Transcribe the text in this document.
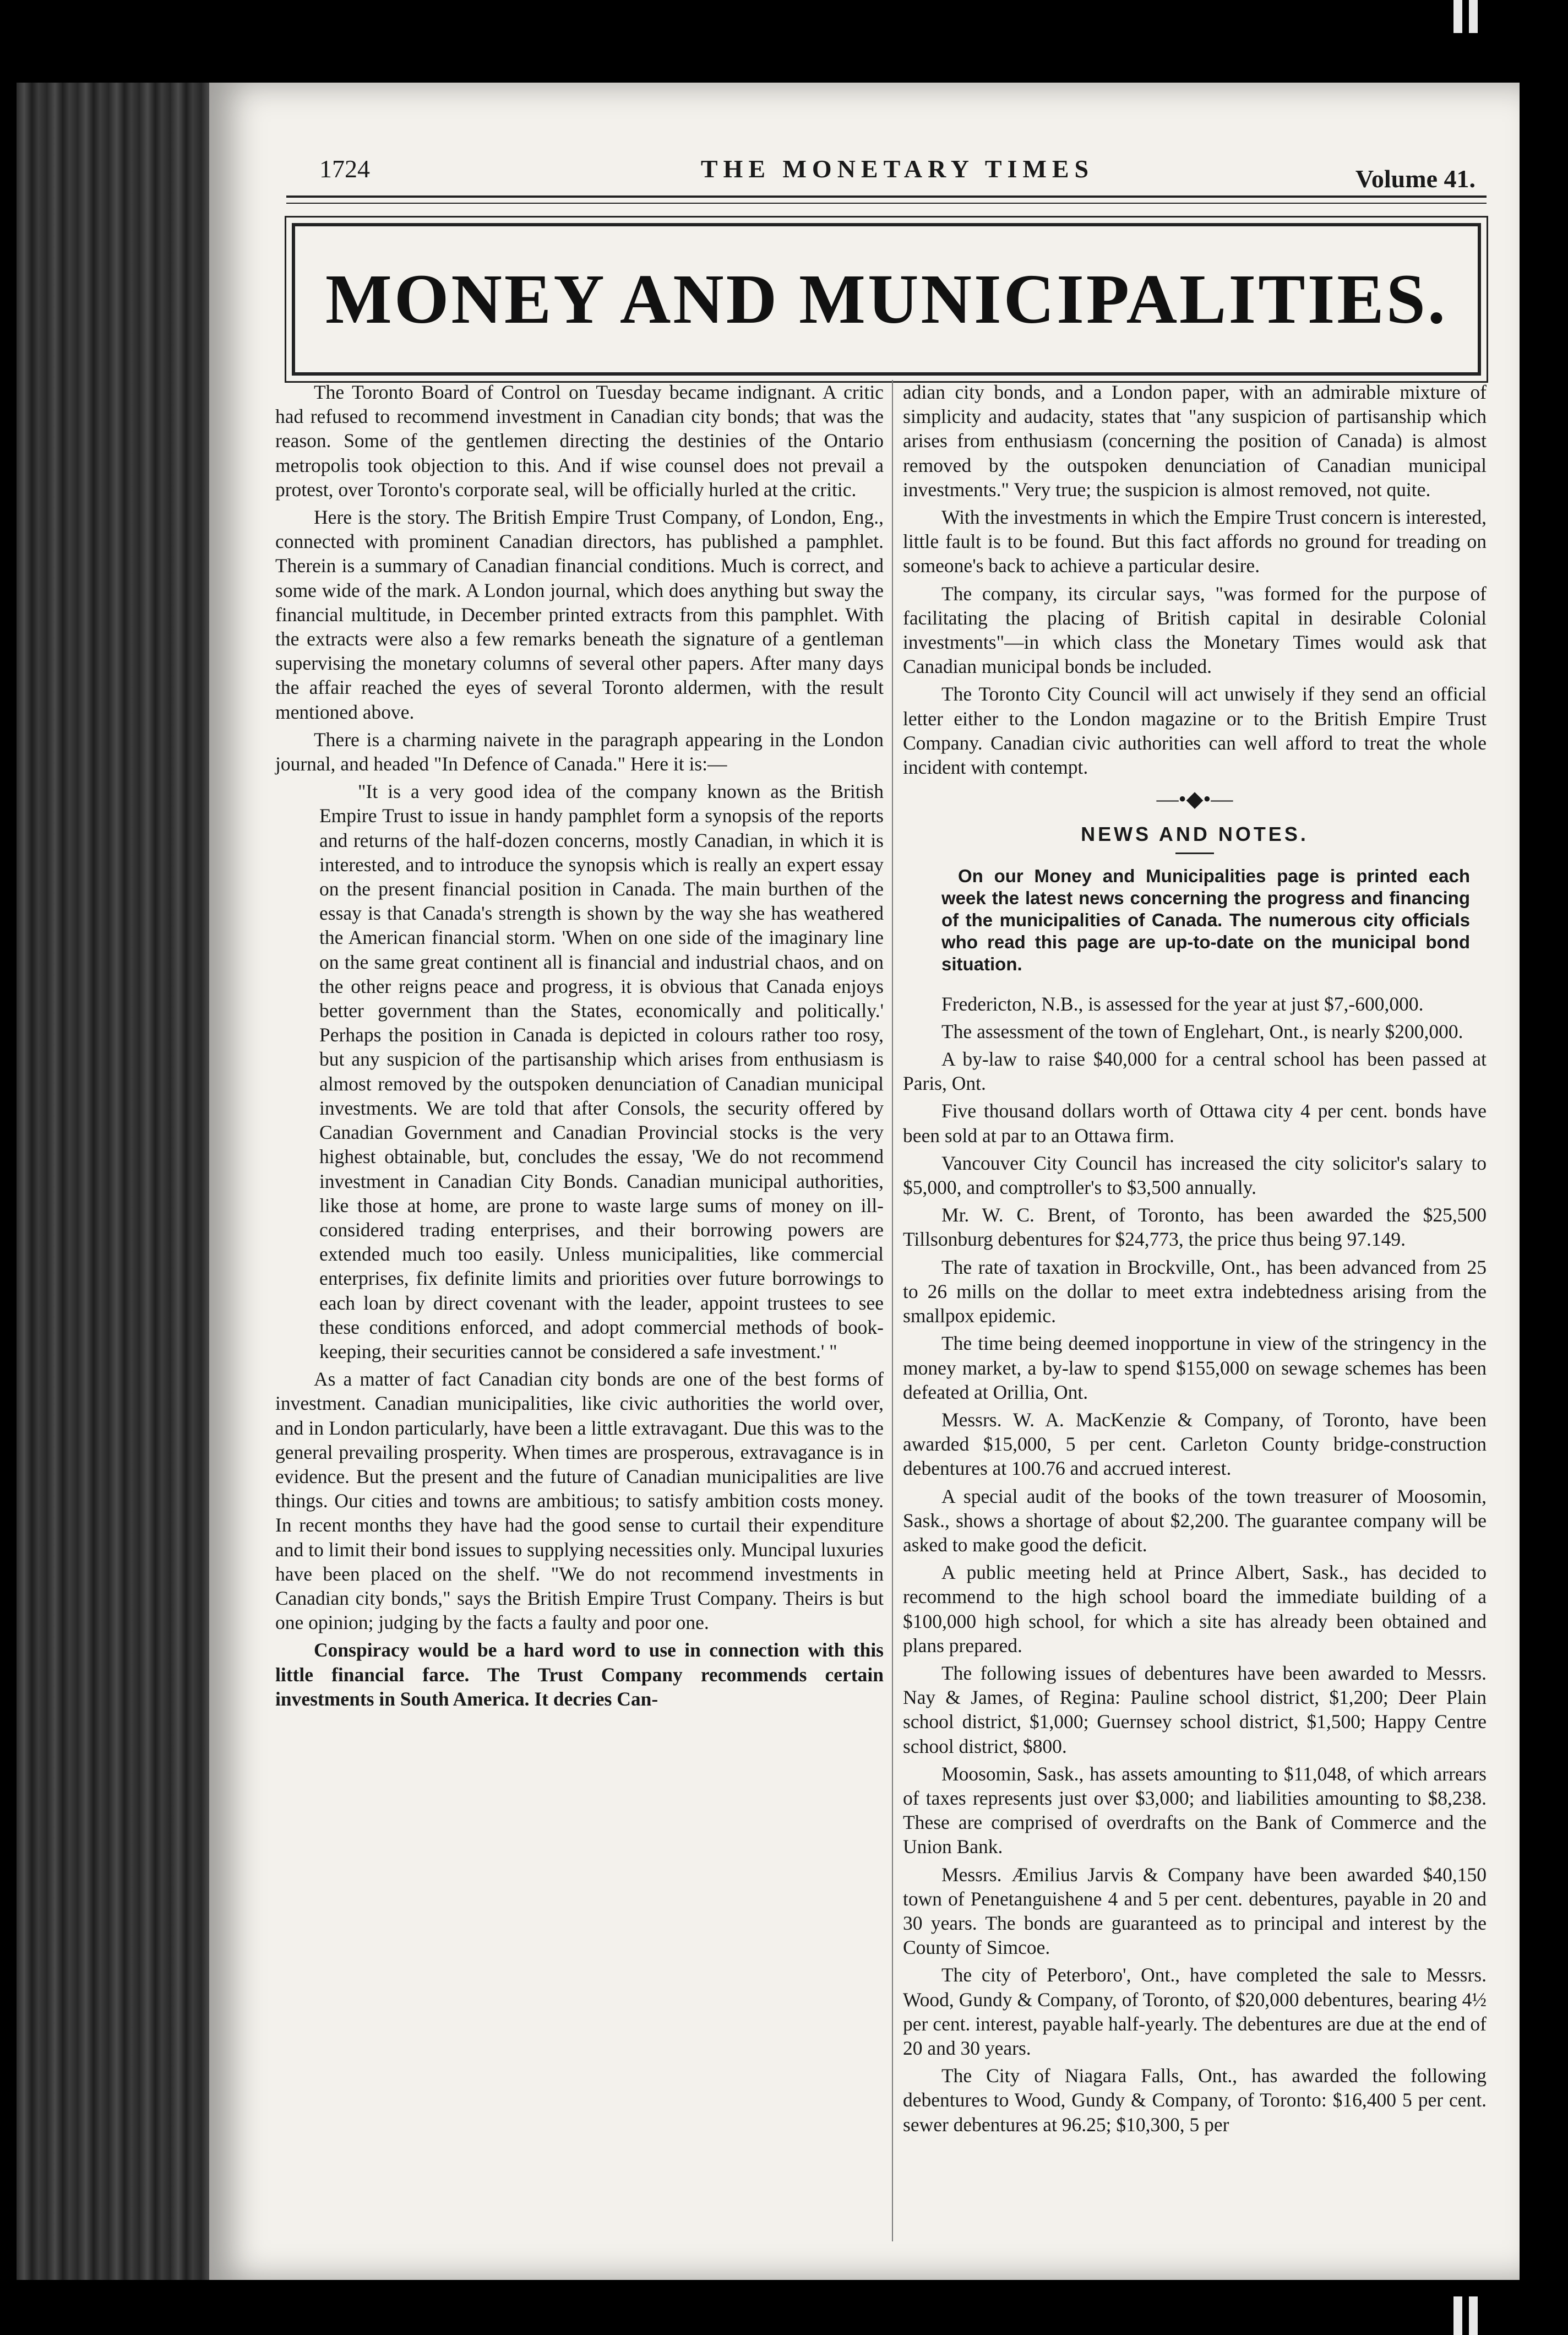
1724	THE MONETARY TIMES	Volume 41.
MONEY AND MUNICIPALITIES.

The Toronto Board of Control on Tuesday became indignant. A critic had refused to recommend investment in Canadian city bonds; that was the reason. Some of the gentlemen directing the destinies of the Ontario metropolis took objection to this. And if wise counsel does not prevail a protest, over Toronto's corporate seal, will be officially hurled at the critic.

Here is the story. The British Empire Trust Company, of London, Eng., connected with prominent Canadian directors, has published a pamphlet. Therein is a summary of Canadian financial conditions. Much is correct, and some wide of the mark. A London journal, which does anything but sway the financial multitude, in December printed extracts from this pamphlet. With the extracts were also a few remarks beneath the signature of a gentleman supervising the monetary columns of several other papers. After many days the affair reached the eyes of several Toronto aldermen, with the result mentioned above.

There is a charming naivete in the paragraph appearing in the London journal, and headed "In Defence of Canada." Here it is:—

"It is a very good idea of the company known as the British Empire Trust to issue in handy pamphlet form a synopsis of the reports and returns of the half-dozen concerns, mostly Canadian, in which it is interested, and to introduce the synopsis which is really an expert essay on the present financial position in Canada. The main burthen of the essay is that Canada's strength is shown by the way she has weathered the American financial storm. 'When on one side of the imaginary line on the same great continent all is financial and industrial chaos, and on the other reigns peace and progress, it is obvious that Canada enjoys better government than the States, economically and politically.' Perhaps the position in Canada is depicted in colours rather too rosy, but any suspicion of the partisanship which arises from enthusiasm is almost removed by the outspoken denunciation of Canadian municipal investments. We are told that after Consols, the security offered by Canadian Government and Canadian Provincial stocks is the very highest obtainable, but, concludes the essay, 'We do not recommend investment in Canadian City Bonds. Canadian municipal authorities, like those at home, are prone to waste large sums of money on ill-considered trading enterprises, and their borrowing powers are extended much too easily. Unless municipalities, like commercial enterprises, fix definite limits and priorities over future borrowings to each loan by direct covenant with the leader, appoint trustees to see these conditions enforced, and adopt commercial methods of book-keeping, their securities cannot be considered a safe investment.' "

As a matter of fact Canadian city bonds are one of the best forms of investment. Canadian municipalities, like civic authorities the world over, and in London particularly, have been a little extravagant. Due this was to the general prevailing prosperity. When times are prosperous, extravagance is in evidence. But the present and the future of Canadian municipalities are live things. Our cities and towns are ambitious; to satisfy ambition costs money. In recent months they have had the good sense to curtail their expenditure and to limit their bond issues to supplying necessities only. Muncipal luxuries have been placed on the shelf. "We do not recommend investments in Canadian city bonds," says the British Empire Trust Company. Theirs is but one opinion; judging by the facts a faulty and poor one.

Conspiracy would be a hard word to use in connection with this little financial farce. The Trust Company recommends certain investments in South America. It decries Can-

adian city bonds, and a London paper, with an admirable mixture of simplicity and audacity, states that "any suspicion of partisanship which arises from enthusiasm (concerning the position of Canada) is almost removed by the outspoken denunciation of Canadian municipal investments." Very true; the suspicion is almost removed, not quite.

With the investments in which the Empire Trust concern is interested, little fault is to be found. But this fact affords no ground for treading on someone's back to achieve a particular desire.

The company, its circular says, "was formed for the purpose of facilitating the placing of British capital in desirable Colonial investments"—in which class the Monetary Times would ask that Canadian municipal bonds be included.

The Toronto City Council will act unwisely if they send an official letter either to the London magazine or to the British Empire Trust Company. Canadian civic authorities can well afford to treat the whole incident with contempt.

—•◆•—
NEWS AND NOTES.

On our Money and Municipalities page is printed each week the latest news concerning the progress and financing of the municipalities of Canada. The numerous city officials who read this page are up-to-date on the municipal bond situation.

Fredericton, N.B., is assessed for the year at just $7,-600,000.

The assessment of the town of Englehart, Ont., is nearly $200,000.

A by-law to raise $40,000 for a central school has been passed at Paris, Ont.

Five thousand dollars worth of Ottawa city 4 per cent. bonds have been sold at par to an Ottawa firm.

Vancouver City Council has increased the city solicitor's salary to $5,000, and comptroller's to $3,500 annually.

Mr. W. C. Brent, of Toronto, has been awarded the $25,500 Tillsonburg debentures for $24,773, the price thus being 97.149.

The rate of taxation in Brockville, Ont., has been advanced from 25 to 26 mills on the dollar to meet extra indebtedness arising from the smallpox epidemic.

The time being deemed inopportune in view of the stringency in the money market, a by-law to spend $155,000 on sewage schemes has been defeated at Orillia, Ont.

Messrs. W. A. MacKenzie & Company, of Toronto, have been awarded $15,000, 5 per cent. Carleton County bridge-construction debentures at 100.76 and accrued interest.

A special audit of the books of the town treasurer of Moosomin, Sask., shows a shortage of about $2,200. The guarantee company will be asked to make good the deficit.

A public meeting held at Prince Albert, Sask., has decided to recommend to the high school board the immediate building of a $100,000 high school, for which a site has already been obtained and plans prepared.

The following issues of debentures have been awarded to Messrs. Nay & James, of Regina: Pauline school district, $1,200; Deer Plain school district, $1,000; Guernsey school district, $1,500; Happy Centre school district, $800.

Moosomin, Sask., has assets amounting to $11,048, of which arrears of taxes represents just over $3,000; and liabilities amounting to $8,238. These are comprised of overdrafts on the Bank of Commerce and the Union Bank.

Messrs. Æmilius Jarvis & Company have been awarded $40,150 town of Penetanguishene 4 and 5 per cent. debentures, payable in 20 and 30 years. The bonds are guaranteed as to principal and interest by the County of Simcoe.

The city of Peterboro', Ont., have completed the sale to Messrs. Wood, Gundy & Company, of Toronto, of $20,000 debentures, bearing 4½ per cent. interest, payable half-yearly. The debentures are due at the end of 20 and 30 years.

The City of Niagara Falls, Ont., has awarded the following debentures to Wood, Gundy & Company, of Toronto: $16,400 5 per cent. sewer debentures at 96.25; $10,300, 5 per
